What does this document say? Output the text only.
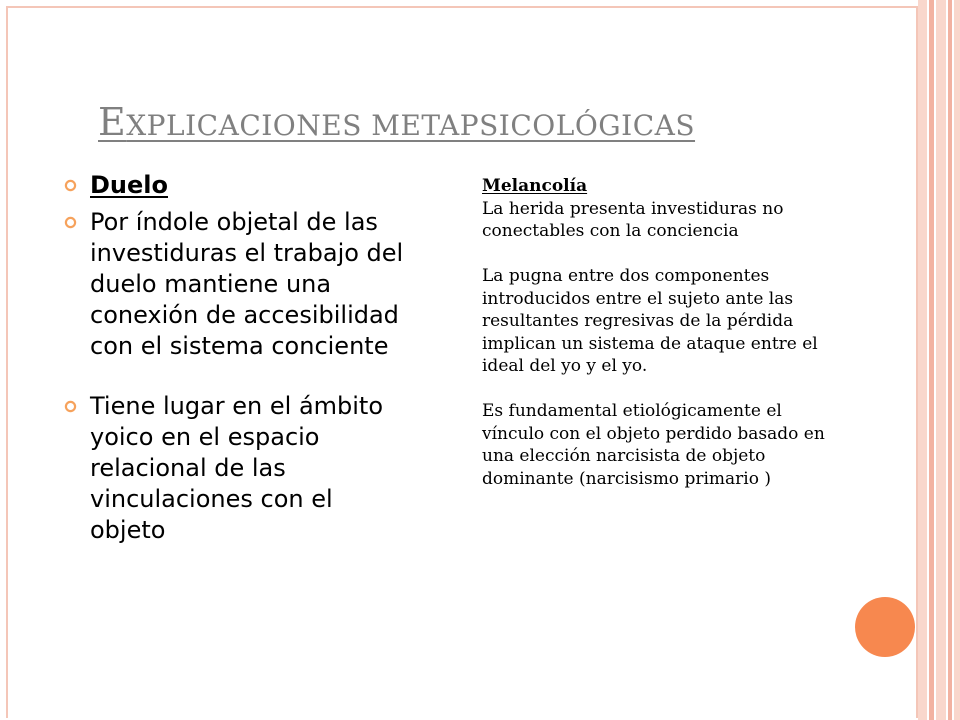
EXPLICACIONES METAPSICOLÓGICAS
Duelo
Por índole objetal de las investiduras el trabajo del duelo mantiene una conexión de accesibilidad con el sistema conciente
Tiene lugar en el ámbito yoico en el espacio relacional de las vinculaciones con el objeto

Melancolía

La herida presenta investiduras no conectables con la conciencia

La pugna entre dos componentes introducidos entre el sujeto ante las resultantes regresivas de la pérdida implican un sistema de ataque entre el ideal del yo y el yo.

Es fundamental etiológicamente el vínculo con el objeto perdido basado en una elección narcisista de objeto dominante (narcisismo primario )
